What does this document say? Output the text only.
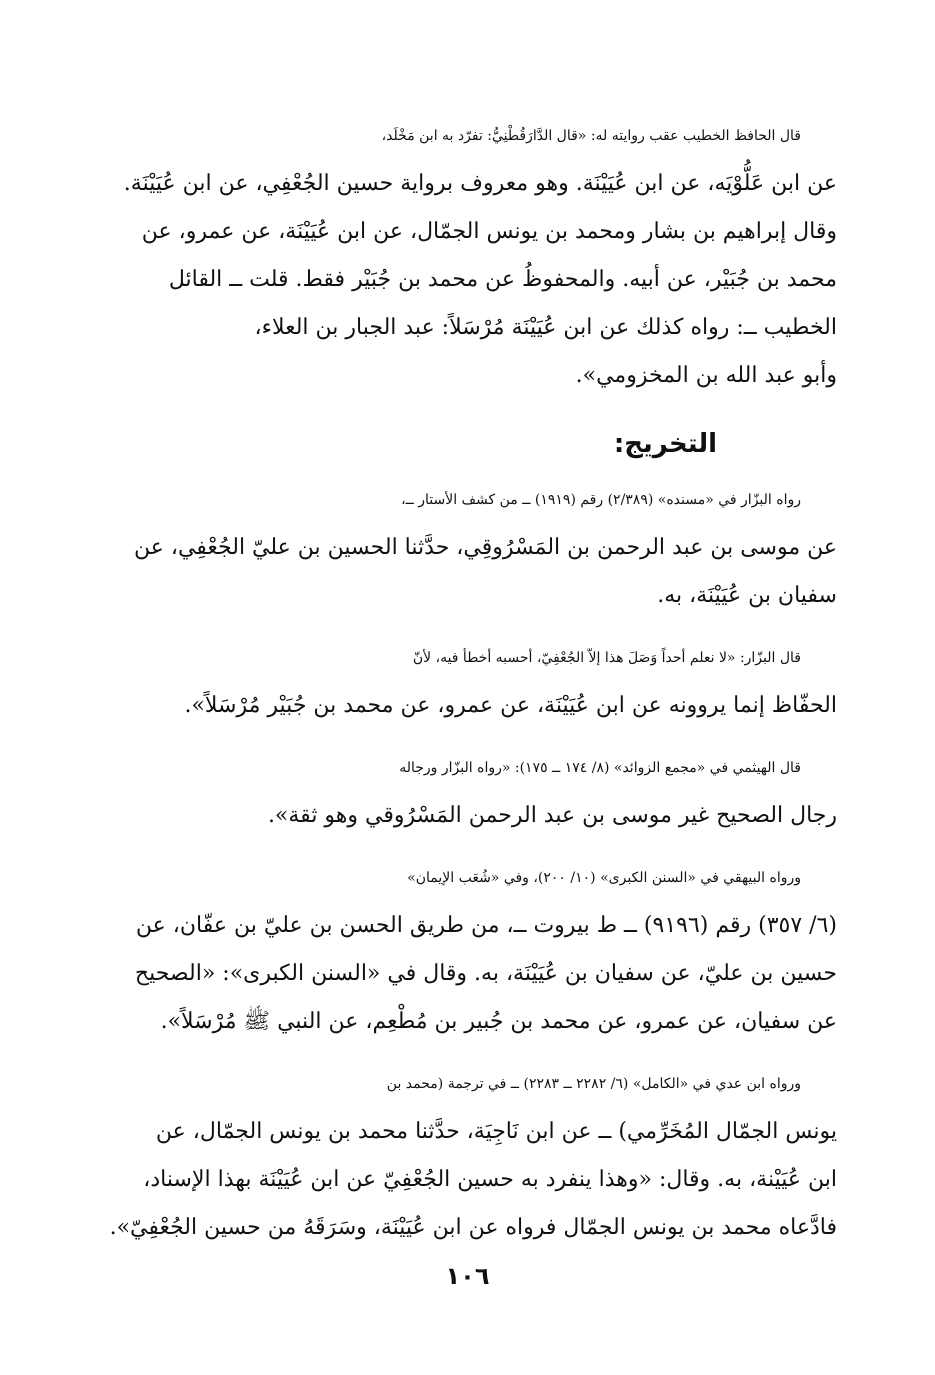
قال الحافظ الخطيب عقب روايته له: «قال الدَّارَقُطْنِيُّ: تفرّد به ابن مَخْلَد،
عن ابن عَلُّوْيَه، عن ابن عُيَيْنَة. وهو معروف برواية حسين الجُعْفِي، عن ابن عُيَيْنَة.
وقال إبراهيم بن بشار ومحمد بن يونس الجمّال، عن ابن عُيَيْنَة، عن عمرو، عن
محمد بن جُبَيْر، عن أبيه. والمحفوظُ عن محمد بن جُبَيْر فقط. قلت ــ القائل
الخطيب ــ: رواه كذلك عن ابن عُيَيْنَة مُرْسَلاً: عبد الجبار بن العلاء،
وأبو عبد الله بن المخزومي».

التخريج:

رواه البزّار في «مسنده» (٢/٣٨٩) رقم (١٩١٩) ــ من كشف الأستار ــ،
عن موسى بن عبد الرحمن بن المَسْرُوقِي، حدَّثنا الحسين بن عليّ الجُعْفِي، عن
سفيان بن عُيَيْنَة، به.

قال البزّار: «لا نعلم أحداً وَصَلَ هذا إلاّ الجُعْفِيّ، أحسبه أخطأ فيه، لأنّ
الحفّاظ إنما يروونه عن ابن عُيَيْنَة، عن عمرو، عن محمد بن جُبَيْر مُرْسَلاً».

قال الهيثمي في «مجمع الزوائد» (٨/ ١٧٤ ــ ١٧٥): «رواه البزّار ورجاله
رجال الصحيح غير موسى بن عبد الرحمن المَسْرُوقي وهو ثقة».

ورواه البيهقي في «السنن الكبرى» (١٠/ ٢٠٠)، وفي «شُعَب الإيمان»
(٦/ ٣٥٧) رقم (٩١٩٦) ــ ط بيروت ــ، من طريق الحسن بن عليّ بن عفّان، عن
حسين بن عليّ، عن سفيان بن عُيَيْنَة، به. وقال في «السنن الكبرى»: «الصحيح
عن سفيان، عن عمرو، عن محمد بن جُبير بن مُطْعِم، عن النبي ﷺ مُرْسَلاً».

ورواه ابن عدي في «الكامل» (٦/ ٢٢٨٢ ــ ٢٢٨٣) ــ في ترجمة (محمد بن
يونس الجمّال المُخَرِّمي) ــ عن ابن نَاجِيَة، حدَّثنا محمد بن يونس الجمّال، عن
ابن عُيَيْنة، به. وقال: «وهذا ينفرد به حسين الجُعْفِيّ عن ابن عُيَيْنَة بهذا الإسناد،
فادَّعاه محمد بن يونس الجمّال فرواه عن ابن عُيَيْنَة، وسَرَقَهُ من حسين الجُعْفِيّ».

١٠٦
